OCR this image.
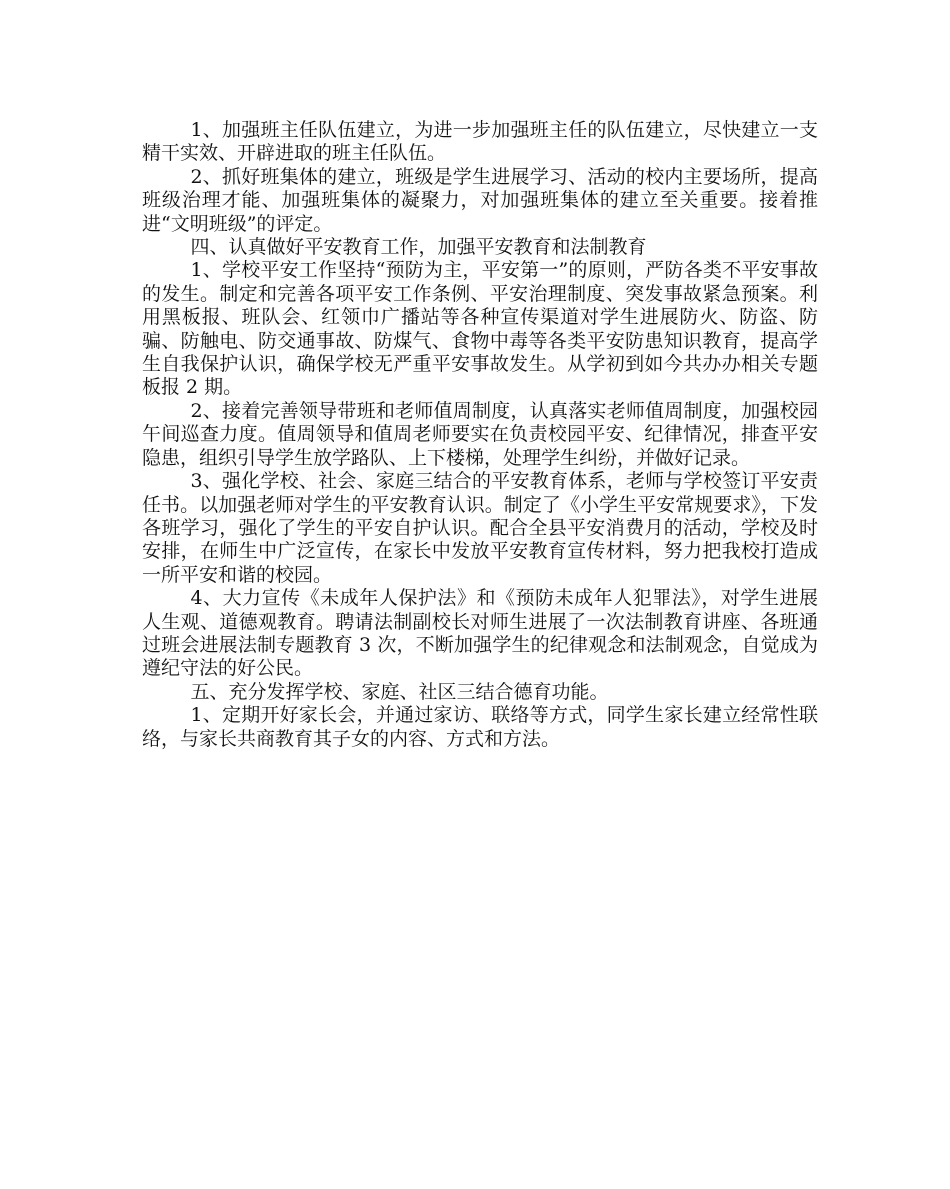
1、加强班主任队伍建立，为进一步加强班主任的队伍建立，尽快建立一支精干实效、开辟进取的班主任队伍。

2、抓好班集体的建立，班级是学生进展学习、活动的校内主要场所，提高班级治理才能、加强班集体的凝聚力，对加强班集体的建立至关重要。接着推进“文明班级”的评定。

四、认真做好平安教育工作，加强平安教育和法制教育

1、学校平安工作坚持“预防为主，平安第一”的原则，严防各类不平安事故的发生。制定和完善各项平安工作条例、平安治理制度、突发事故紧急预案。利用黑板报、班队会、红领巾广播站等各种宣传渠道对学生进展防火、防盗、防骗、防触电、防交通事故、防煤气、食物中毒等各类平安防患知识教育，提高学生自我保护认识，确保学校无严重平安事故发生。从学初到如今共办办相关专题板报 2 期。

2、接着完善领导带班和老师值周制度，认真落实老师值周制度，加强校园午间巡查力度。值周领导和值周老师要实在负责校园平安、纪律情况，排查平安隐患，组织引导学生放学路队、上下楼梯，处理学生纠纷，并做好记录。

3、强化学校、社会、家庭三结合的平安教育体系，老师与学校签订平安责任书。以加强老师对学生的平安教育认识。制定了《小学生平安常规要求》，下发各班学习，强化了学生的平安自护认识。配合全县平安消费月的活动，学校及时安排，在师生中广泛宣传，在家长中发放平安教育宣传材料，努力把我校打造成一所平安和谐的校园。

4、大力宣传《未成年人保护法》和《预防未成年人犯罪法》，对学生进展人生观、道德观教育。聘请法制副校长对师生进展了一次法制教育讲座、各班通过班会进展法制专题教育 3 次，不断加强学生的纪律观念和法制观念，自觉成为遵纪守法的好公民。

五、充分发挥学校、家庭、社区三结合德育功能。

1、定期开好家长会，并通过家访、联络等方式，同学生家长建立经常性联络，与家长共商教育其子女的内容、方式和方法。
